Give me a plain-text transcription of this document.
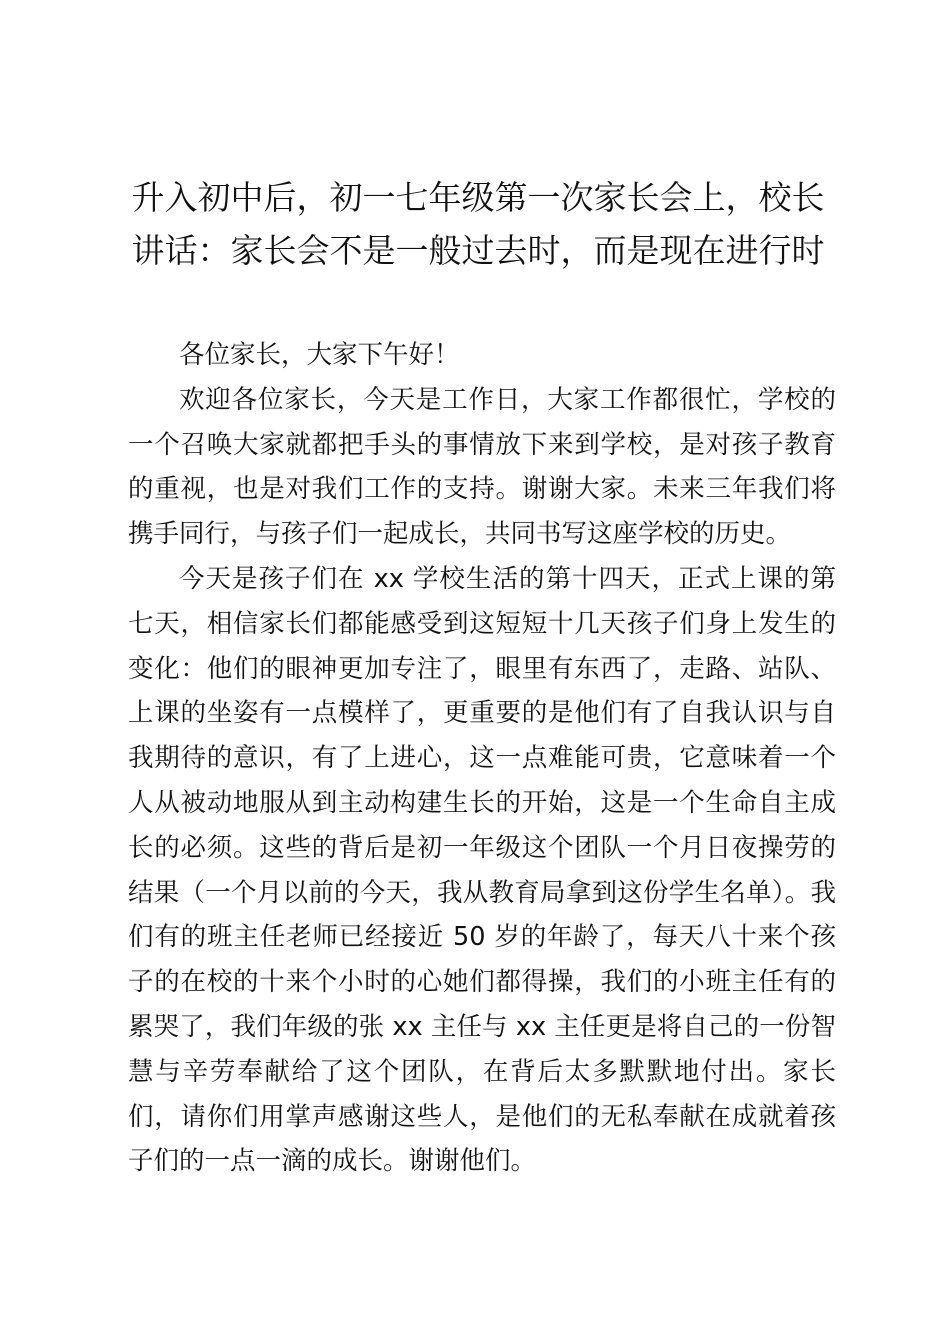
升入初中后，初一七年级第一次家长会上，校长讲话：家长会不是一般过去时，而是现在进行时

各位家长，大家下午好！

欢迎各位家长，今天是工作日，大家工作都很忙，学校的一个召唤大家就都把手头的事情放下来到学校，是对孩子教育的重视，也是对我们工作的支持。谢谢大家。未来三年我们将携手同行，与孩子们一起成长，共同书写这座学校的历史。

今天是孩子们在 xx 学校生活的第十四天，正式上课的第七天，相信家长们都能感受到这短短十几天孩子们身上发生的变化：他们的眼神更加专注了，眼里有东西了，走路、站队、上课的坐姿有一点模样了，更重要的是他们有了自我认识与自我期待的意识，有了上进心，这一点难能可贵，它意味着一个人从被动地服从到主动构建生长的开始，这是一个生命自主成长的必须。这些的背后是初一年级这个团队一个月日夜操劳的结果（一个月以前的今天，我从教育局拿到这份学生名单）。我们有的班主任老师已经接近 50 岁的年龄了，每天八十来个孩子的在校的十来个小时的心她们都得操，我们的小班主任有的累哭了，我们年级的张 xx 主任与 xx 主任更是将自己的一份智慧与辛劳奉献给了这个团队，在背后太多默默地付出。家长们，请你们用掌声感谢这些人，是他们的无私奉献在成就着孩子们的一点一滴的成长。谢谢他们。
